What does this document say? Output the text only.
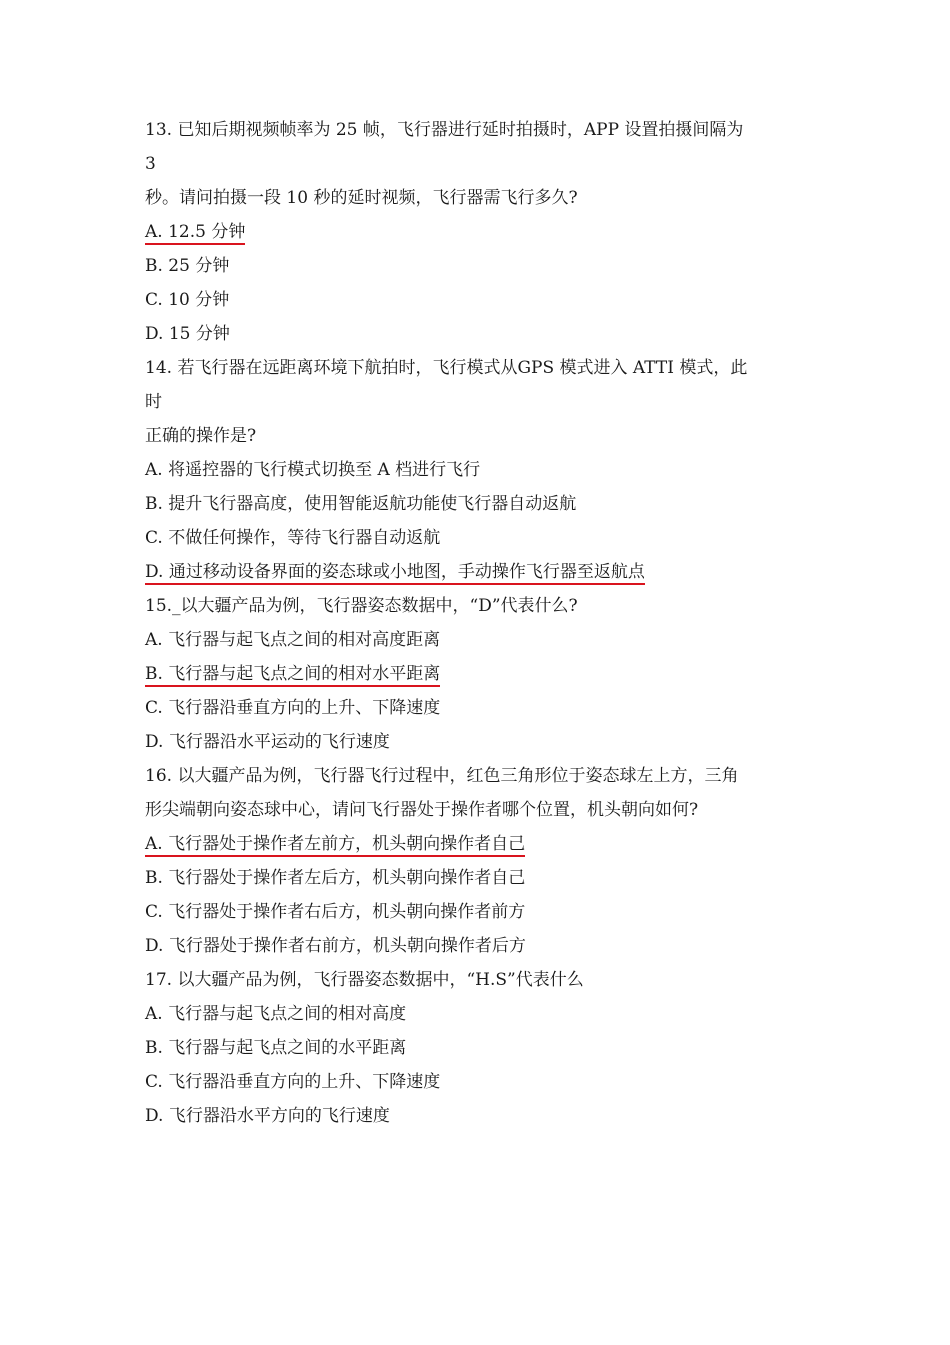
13. 已知后期视频帧率为 25 帧，飞行器进行延时拍摄时，APP 设置拍摄间隔为
3
秒。请问拍摄一段 10 秒的延时视频，飞行器需飞行多久?
A. 12.5 分钟
B. 25 分钟
C. 10 分钟
D. 15 分钟
14. 若飞行器在远距离环境下航拍时，飞行模式从GPS 模式进入 ATTI 模式，此
时
正确的操作是?
A. 将遥控器的飞行模式切换至 A 档进行飞行
B. 提升飞行器高度，使用智能返航功能使飞行器自动返航
C. 不做任何操作，等待飞行器自动返航
D. 通过移动设备界面的姿态球或小地图，手动操作飞行器至返航点
15._以大疆产品为例，飞行器姿态数据中，“D”代表什么?
A. 飞行器与起飞点之间的相对高度距离
B. 飞行器与起飞点之间的相对水平距离
C. 飞行器沿垂直方向的上升、下降速度
D. 飞行器沿水平运动的飞行速度
16. 以大疆产品为例，飞行器飞行过程中，红色三角形位于姿态球左上方，三角
形尖端朝向姿态球中心，请问飞行器处于操作者哪个位置，机头朝向如何?
A. 飞行器处于操作者左前方，机头朝向操作者自己
B. 飞行器处于操作者左后方，机头朝向操作者自己
C. 飞行器处于操作者右后方，机头朝向操作者前方
D. 飞行器处于操作者右前方，机头朝向操作者后方
17. 以大疆产品为例，飞行器姿态数据中，“H.S”代表什么
A. 飞行器与起飞点之间的相对高度
B. 飞行器与起飞点之间的水平距离
C. 飞行器沿垂直方向的上升、下降速度
D. 飞行器沿水平方向的飞行速度
